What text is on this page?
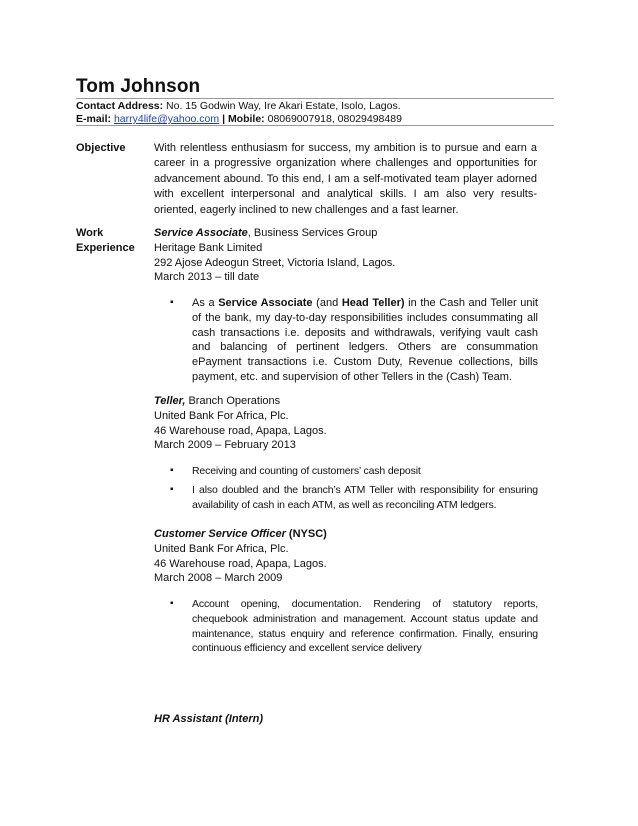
Tom Johnson
Contact Address: No. 15 Godwin Way, Ire Akari Estate, Isolo, Lagos.
E-mail: harry4life@yahoo.com | Mobile: 08069007918, 08029498489
Objective	With relentless enthusiasm for success, my ambition is to pursue and earn a career in a progressive organization where challenges and opportunities for advancement abound. To this end, I am a self-motivated team player adorned with excellent interpersonal and analytical skills. I am also very results-oriented, eagerly inclined to new challenges and a fast learner.
Work
Experience
Service Associate, Business Services Group
Heritage Bank Limited
292 Ajose Adeogun Street, Victoria Island, Lagos.
March 2013 – till date
▪ As a Service Associate (and Head Teller) in the Cash and Teller unit of the bank, my day-to-day responsibilities includes consummating all cash transactions i.e. deposits and withdrawals, verifying vault cash and balancing of pertinent ledgers. Others are consummation ePayment transactions i.e. Custom Duty, Revenue collections, bills payment, etc. and supervision of other Tellers in the (Cash) Team.
Teller, Branch Operations
United Bank For Africa, Plc.
46 Warehouse road, Apapa, Lagos.
March 2009 – February 2013
▪ Receiving and counting of customers’ cash deposit
▪ I also doubled and the branch’s ATM Teller with responsibility for ensuring availability of cash in each ATM, as well as reconciling ATM ledgers.
Customer Service Officer (NYSC)
United Bank For Africa, Plc.
46 Warehouse road, Apapa, Lagos.
March 2008 – March 2009
▪ Account opening, documentation. Rendering of statutory reports, chequebook administration and management. Account status update and maintenance, status enquiry and reference confirmation. Finally, ensuring continuous efficiency and excellent service delivery
HR Assistant (Intern)
